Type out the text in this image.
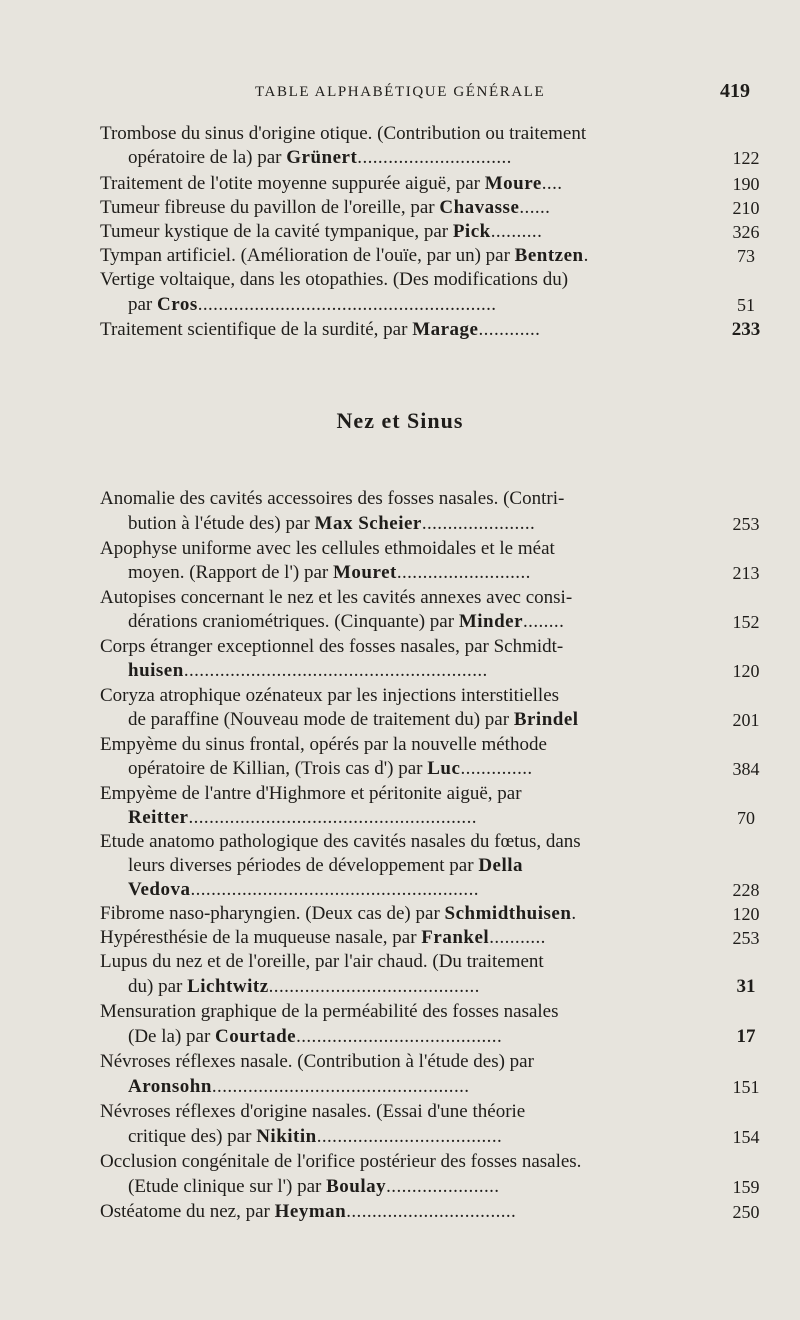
TABLE ALPHABÉTIQUE GÉNÉRALE	419
Trombose du sinus d'origine otique. (Contribution ou traitement
opératoire de la) par Grünert..............................	122
Traitement de l'otite moyenne suppurée aiguë, par Moure....	190
Tumeur fibreuse du pavillon de l'oreille, par Chavasse......	210
Tumeur kystique de la cavité tympanique, par Pick..........	326
Tympan artificiel. (Amélioration de l'ouïe, par un) par Bentzen.	73
Vertige voltaique, dans les otopathies. (Des modifications du)
par Cros..........................................................	51
Traitement scientifique de la surdité, par Marage............	233
Anomalie des cavités accessoires des fosses nasales. (Contri-
bution à l'étude des) par Max Scheier......................	253
Apophyse uniforme avec les cellules ethmoidales et le méat
moyen. (Rapport de l') par Mouret..........................	213
Autopises concernant le nez et les cavités annexes avec consi-
dérations craniométriques. (Cinquante) par Minder........	152
Corps étranger exceptionnel des fosses nasales, par Schmidt-
huisen...........................................................	120
Coryza atrophique ozénateux par les injections interstitielles
de paraffine (Nouveau mode de traitement du) par Brindel	201
Empyème du sinus frontal, opérés par la nouvelle méthode
opératoire de Killian, (Trois cas d') par Luc..............	384
Empyème de l'antre d'Highmore et péritonite aiguë, par
Reitter........................................................	70
Etude anatomo pathologique des cavités nasales du fœtus, dans
leurs diverses périodes de développement par Della
Vedova........................................................	228
Fibrome naso-pharyngien. (Deux cas de) par Schmidthuisen.	120
Hypéresthésie de la muqueuse nasale, par Frankel...........	253
Lupus du nez et de l'oreille, par l'air chaud. (Du traitement
du) par Lichtwitz.........................................	31
Mensuration graphique de la perméabilité des fosses nasales
(De la) par Courtade........................................	17
Névroses réflexes nasale. (Contribution à l'étude des) par
Aronsohn..................................................	151
Névroses réflexes d'origine nasales. (Essai d'une théorie
critique des) par Nikitin....................................	154
Occlusion congénitale de l'orifice postérieur des fosses nasales.
(Etude clinique sur l') par Boulay......................	159
Ostéatome du nez, par Heyman.................................	250
Nez et Sinus
